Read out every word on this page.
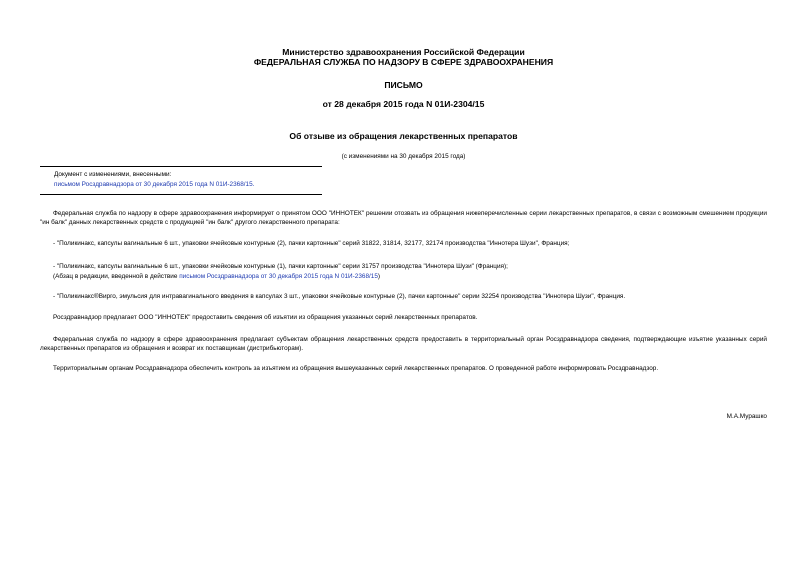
Министерство здравоохранения Российской Федерации
ФЕДЕРАЛЬНАЯ СЛУЖБА ПО НАДЗОРУ В СФЕРЕ ЗДРАВООХРАНЕНИЯ
ПИСЬМО
от 28 декабря 2015 года N 01И-2304/15
Об отзыве из обращения лекарственных препаратов
(с изменениями на 30 декабря 2015 года)
Документ с изменениями, внесенными:
письмом Росздравнадзора от 30 декабря 2015 года N 01И-2368/15.
Федеральная служба по надзору в сфере здравоохранения информирует о принятом ООО "ИННОТЕК" решении отозвать из обращения нижеперечисленные серии лекарственных препаратов, в связи с возможным смешением продукции "ин балк" данных лекарственных средств с продукцией "ин балк" другого лекарственного препарата:
- "Поликинакс, капсулы вагинальные 6 шт., упаковки ячейковые контурные (2), пачки картонные" серий 31822, 31814, 32177, 32174 производства "Иннотера Шузи", Франция;
- "Поликинакс, капсулы вагинальные 6 шт., упаковки ячейковые контурные (1), пачки картонные" серии 31757 производства "Иннотера Шузи" (Франция);
(Абзац в редакции, введенной в действие письмом Росздравнадзора от 30 декабря 2015 года N 01И-2368/15)
- "Поликинакс®Вирго, эмульсия для интравагинального введения в капсулах 3 шт., упаковки ячейковые контурные (2), пачки картонные" серии 32254 производства "Иннотера Шузи", Франция.
Росздравнадзор предлагает ООО "ИННОТЕК" предоставить сведения об изъятии из обращения указанных серий лекарственных препаратов.
Федеральная служба по надзору в сфере здравоохранения предлагает субъектам обращения лекарственных средств предоставить в территориальный орган Росздравнадзора сведения, подтверждающие изъятие указанных серий лекарственных препаратов из обращения и возврат их поставщикам (дистрибьюторам).
Территориальным органам Росздравнадзора обеспечить контроль за изъятием из обращения вышеуказанных серий лекарственных препаратов. О проведенной работе информировать Росздравнадзор.
М.А.Мурашко
